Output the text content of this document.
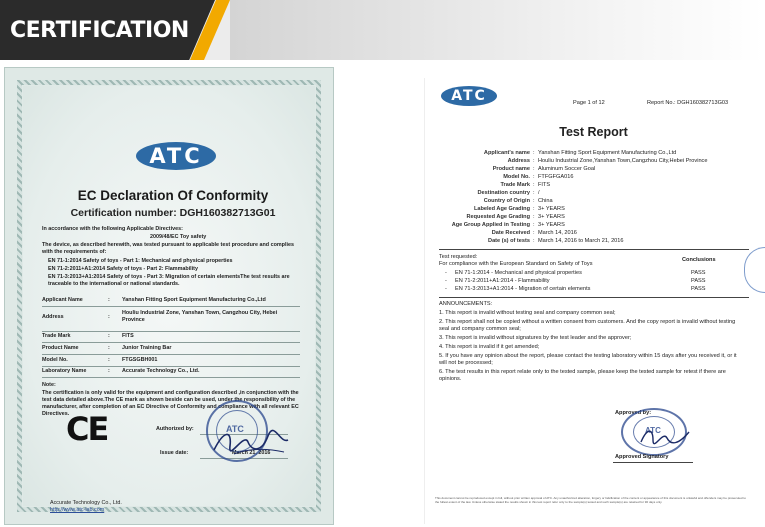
CERTIFICATION
ATC
EC Declaration Of Conformity
Certification number: DGH160382713G01
In accordance with the following Applicable Directives:
2009/48/EC Toy safety
The device, as described herewith, was tested pursuant to applicable test procedure and complies with the requirements of:
EN 71-1:2014 Safety of toys - Part 1: Mechanical and physical properties
EN 71-2:2011+A1:2014 Safety of toys - Part 2: Flammability
EN 71-3:2013+A1:2014 Safety of toys - Part 3: Migration of certain elementsThe test results are traceable to the international or national standards.
Applicant Name	: Yanshan Fitting Sport Equipment Manufacturing Co.,Ltd
Address	:
Houliu Industrial Zone, Yanshan Town, Cangzhou City, Hebei Province
Trade Mark	: FITS
Product Name	: Junior Training Bar
Model No.	: FTGSGBH001
Laboratory Name	: Accurate Technology Co., Ltd.
Note:
The certification is only valid for the equipment and configuration described ,in conjunction with the test data detailed above.The CE mark as shown beside can be used, under the responsibility of the manufacturer, after completion of an EC Directive of Conformity and compliance with all relevant EC Directives.
CE	Authorized by:
Issue date:	March 21, 2016
ATC
Accurate Technology Co., Ltd.
http://www.atc-lab.com
ATC	Page 1 of 12	Report No.: DGH160382713G03
Test Report
Applicant's name : Yanshan Fitting Sport Equipment Manufacturing Co.,Ltd
Address : Houliu Industrial Zone,Yanshan Town,Cangzhou City,Hebei Province
Product name : Aluminum Soccer Goal
Model No. : FTFGFGA016
Trade Mark : FITS
Destination country : /
Country of Origin : China
Labeled Age Grading : 3+ YEARS
Requested Age Grading : 3+ YEARS
Age Group Applied in Testing : 3+ YEARS
Date Received : March 14, 2016
Date (s) of tests : March 14, 2016 to March 21, 2016
Test requested:
For compliance with the European Standard on Safety of Toys
Conclusions
- EN 71-1:2014 - Mechanical and physical properties	PASS
- EN 71-2:2011+A1:2014 - Flammability	PASS
- EN 71-3:2013+A1:2014 - Migration of certain elements	PASS
ANNOUNCEMENTS:
1. This report is invalid without testing seal and company common seal;
2. This report shall not be copied without a written consent from customers. And the copy report is invalid without testing seal and company common seal;
3. This report is invalid without signatures by the test leader and the approver;
4. This report is invalid if it get amended;
5. If you have any opinion about the report, please contact the testing laboratory within 15 days after you received it, or it will not be processed;
6. The test results in this report relate only to the tested sample, please keep the tested sample for retest if there are opinions.
Approved by:
ATC
Approved Signatory
This document cannot be reproduced except in full, without prior written approval of ATC. Any unauthorized alteration, forgery or falsification of the content or appearance of this document is unlawful and offenders may be prosecuted to the fullest extent of the law. Unless otherwise stated the results shown in this test report refer only to the sample(s) tested and such sample(s) are retained for 90 days only.
